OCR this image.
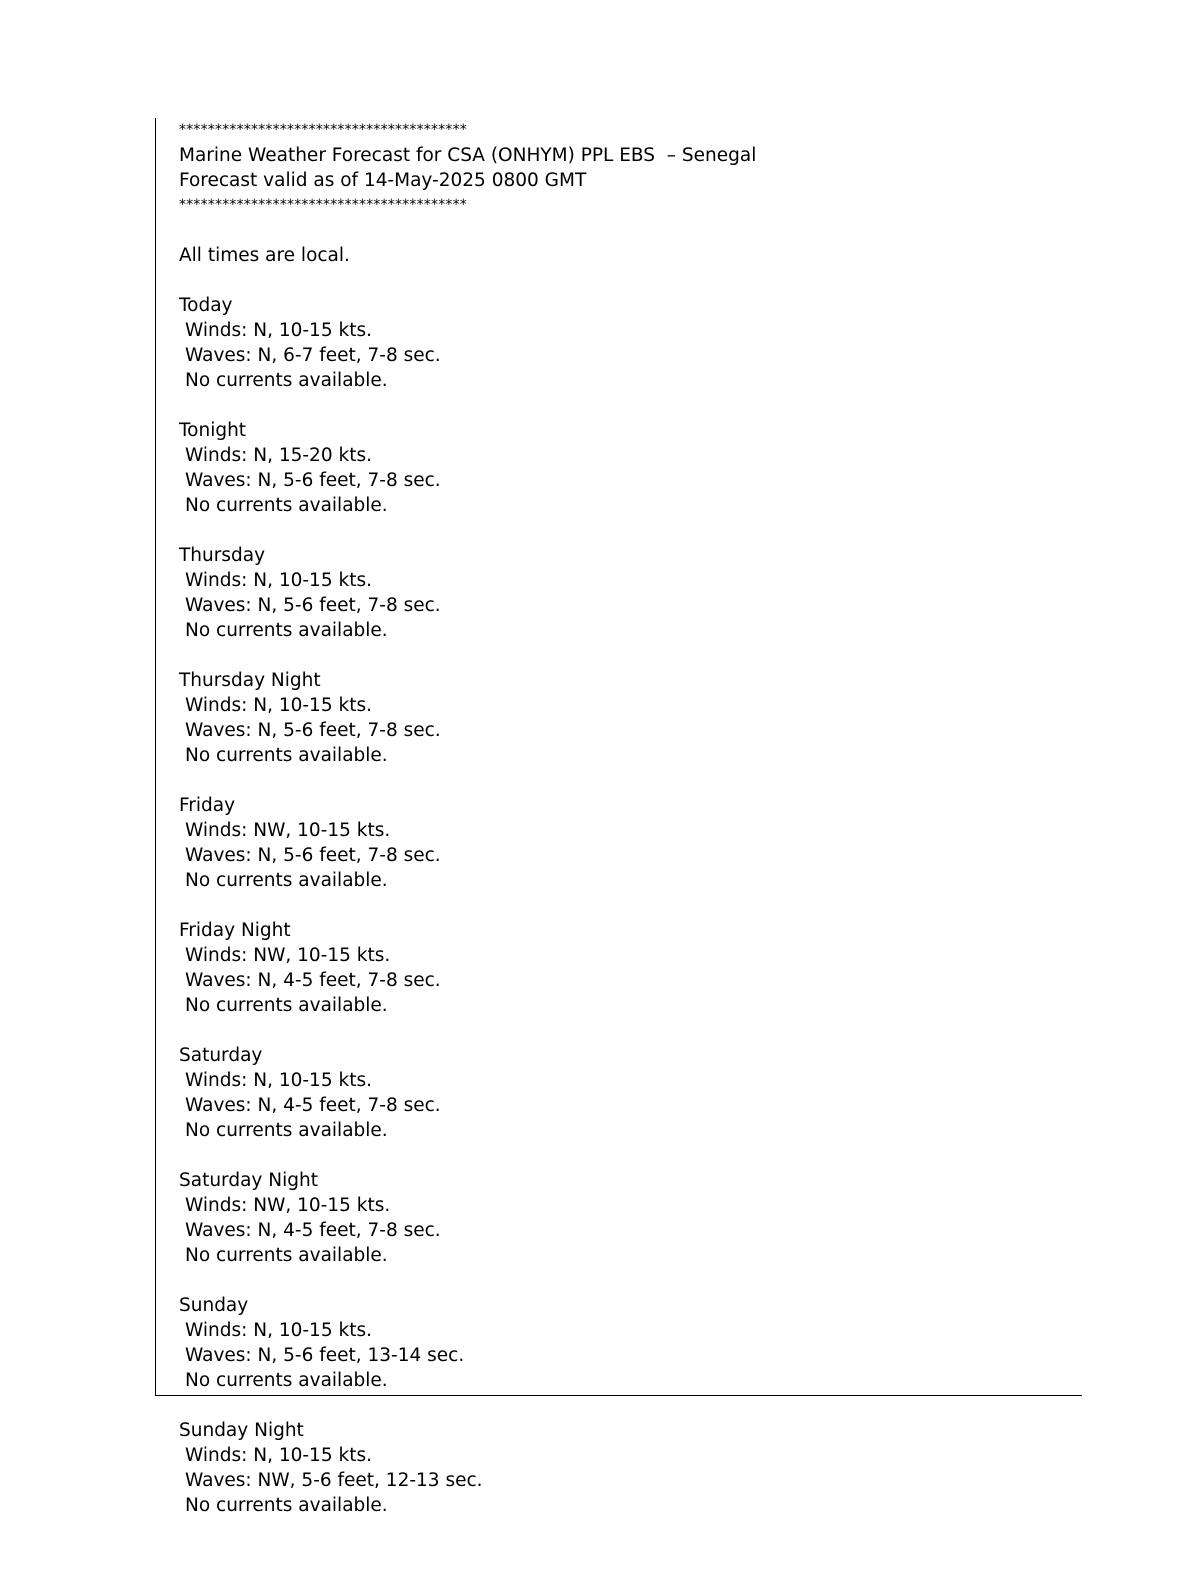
****************************************
Marine Weather Forecast for CSA (ONHYM) PPL EBS  – Senegal
Forecast valid as of 14-May-2025 0800 GMT
****************************************
All times are local.
Today
Winds: N, 10-15 kts.
Waves: N, 6-7 feet, 7-8 sec.
No currents available.
Tonight
Winds: N, 15-20 kts.
Waves: N, 5-6 feet, 7-8 sec.
No currents available.
Thursday
Winds: N, 10-15 kts.
Waves: N, 5-6 feet, 7-8 sec.
No currents available.
Thursday Night
Winds: N, 10-15 kts.
Waves: N, 5-6 feet, 7-8 sec.
No currents available.
Friday
Winds: NW, 10-15 kts.
Waves: N, 5-6 feet, 7-8 sec.
No currents available.
Friday Night
Winds: NW, 10-15 kts.
Waves: N, 4-5 feet, 7-8 sec.
No currents available.
Saturday
Winds: N, 10-15 kts.
Waves: N, 4-5 feet, 7-8 sec.
No currents available.
Saturday Night
Winds: NW, 10-15 kts.
Waves: N, 4-5 feet, 7-8 sec.
No currents available.
Sunday
Winds: N, 10-15 kts.
Waves: N, 5-6 feet, 13-14 sec.
No currents available.
Sunday Night
Winds: N, 10-15 kts.
Waves: NW, 5-6 feet, 12-13 sec.
No currents available.
